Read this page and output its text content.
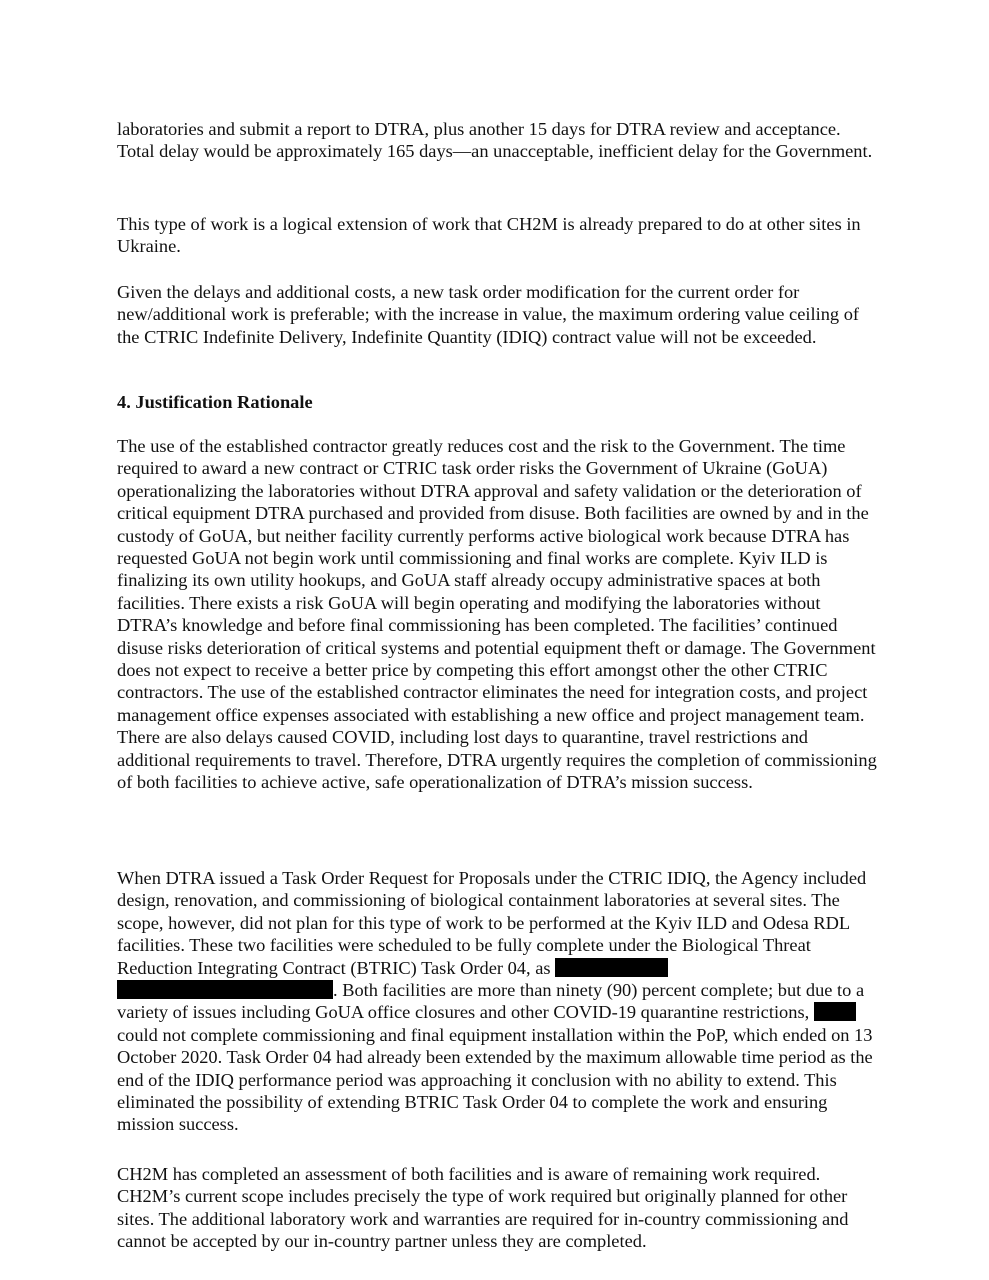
laboratories and submit a report to DTRA, plus another 15 days for DTRA review and acceptance. Total delay would be approximately 165 days—an unacceptable, inefficient delay for the Government.

This type of work is a logical extension of work that CH2M is already prepared to do at other sites in Ukraine.

Given the delays and additional costs, a new task order modification for the current order for new/additional work is preferable; with the increase in value, the maximum ordering value ceiling of the CTRIC Indefinite Delivery, Indefinite Quantity (IDIQ) contract value will not be exceeded.

4. Justification Rationale

The use of the established contractor greatly reduces cost and the risk to the Government. The time required to award a new contract or CTRIC task order risks the Government of Ukraine (GoUA) operationalizing the laboratories without DTRA approval and safety validation or the deterioration of critical equipment DTRA purchased and provided from disuse. Both facilities are owned by and in the custody of GoUA, but neither facility currently performs active biological work because DTRA has requested GoUA not begin work until commissioning and final works are complete. Kyiv ILD is finalizing its own utility hookups, and GoUA staff already occupy administrative spaces at both facilities. There exists a risk GoUA will begin operating and modifying the laboratories without DTRA’s knowledge and before final commissioning has been completed. The facilities’ continued disuse risks deterioration of critical systems and potential equipment theft or damage. The Government does not expect to receive a better price by competing this effort amongst other the other CTRIC contractors. The use of the established contractor eliminates the need for integration costs, and project management office expenses associated with establishing a new office and project management team. There are also delays caused COVID, including lost days to quarantine, travel restrictions and additional requirements to travel. Therefore, DTRA urgently requires the completion of commissioning of both facilities to achieve active, safe operationalization of DTRA’s mission success.

When DTRA issued a Task Order Request for Proposals under the CTRIC IDIQ, the Agency included design, renovation, and commissioning of biological containment laboratories at several sites. The scope, however, did not plan for this type of work to be performed at the Kyiv ILD and Odesa RDL facilities. These two facilities were scheduled to be fully complete under the Biological Threat Reduction Integrating Contract (BTRIC) Task Order 04, as . Both facilities are more than ninety (90) percent complete; but due to a variety of issues including GoUA office closures and other COVID-19 quarantine restrictions, could not complete commissioning and final equipment installation within the PoP, which ended on 13 October 2020. Task Order 04 had already been extended by the maximum allowable time period as the end of the IDIQ performance period was approaching it conclusion with no ability to extend. This eliminated the possibility of extending BTRIC Task Order 04 to complete the work and ensuring mission success.

CH2M has completed an assessment of both facilities and is aware of remaining work required. CH2M’s current scope includes precisely the type of work required but originally planned for other sites. The additional laboratory work and warranties are required for in-country commissioning and cannot be accepted by our in-country partner unless they are completed.
